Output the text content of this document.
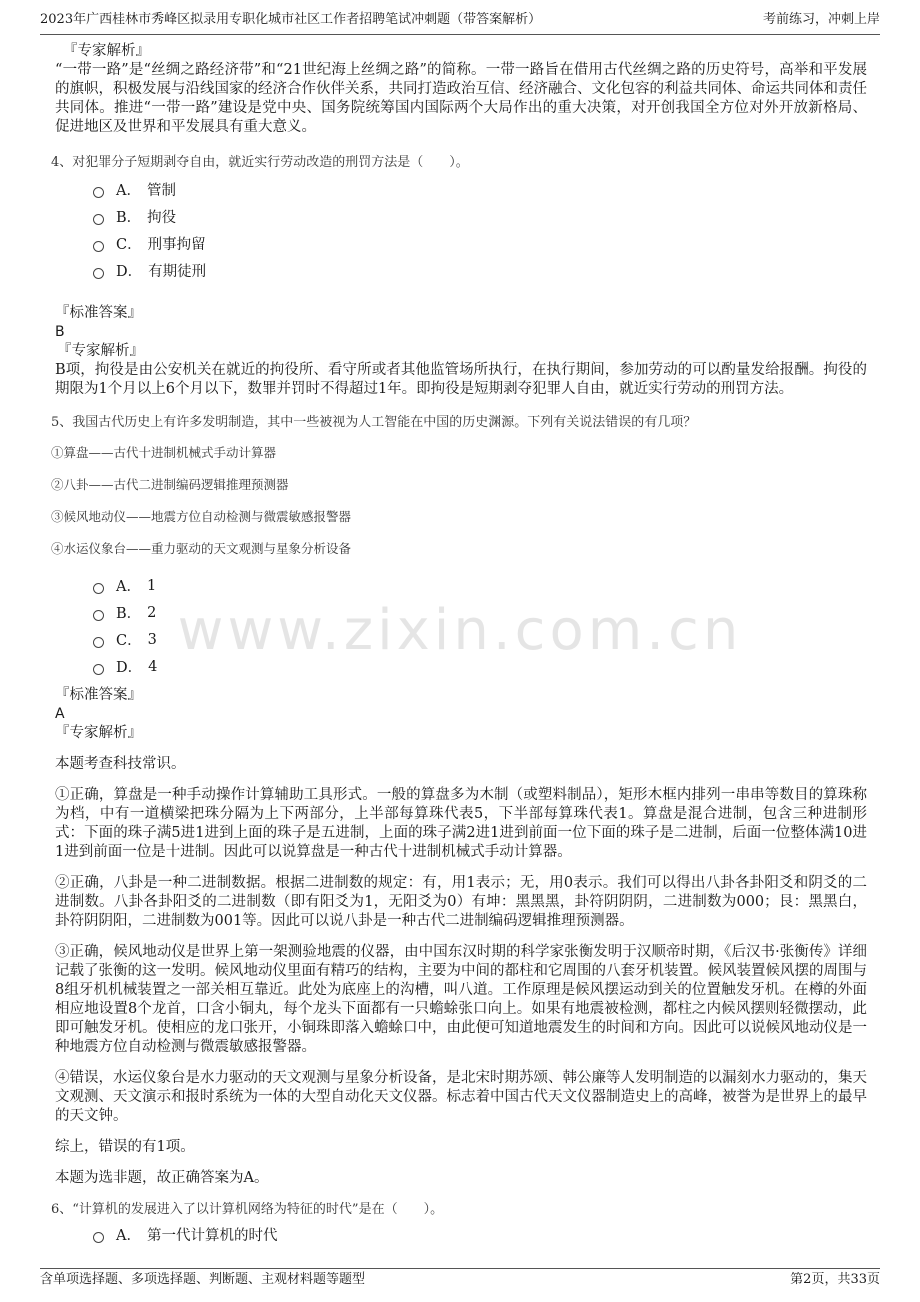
2023年广西桂林市秀峰区拟录用专职化城市社区工作者招聘笔试冲刺题（带答案解析）	考前练习，冲刺上岸
www.zixin.com.cn

『专家解析』

“一带一路”是“丝绸之路经济带”和“21世纪海上丝绸之路”的简称。一带一路旨在借用古代丝绸之路的历史符号，高举和平发展的旗帜，积极发展与沿线国家的经济合作伙伴关系，共同打造政治互信、经济融合、文化包容的利益共同体、命运共同体和责任共同体。推进“一带一路”建设是党中央、国务院统筹国内国际两个大局作出的重大决策，对开创我国全方位对外开放新格局、促进地区及世界和平发展具有重大意义。

4、对犯罪分子短期剥夺自由，就近实行劳动改造的刑罚方法是（　　）。
A． 管制
B． 拘役
C． 刑事拘留
D． 有期徒刑

『标准答案』

B

『专家解析』

B项，拘役是由公安机关在就近的拘役所、看守所或者其他监管场所执行，在执行期间，参加劳动的可以酌量发给报酬。拘役的期限为1个月以上6个月以下，数罪并罚时不得超过1年。即拘役是短期剥夺犯罪人自由，就近实行劳动的刑罚方法。

5、我国古代历史上有许多发明制造，其中一些被视为人工智能在中国的历史渊源。下列有关说法错误的有几项？
①算盘——古代十进制机械式手动计算器
②八卦——古代二进制编码逻辑推理预测器
③候风地动仪——地震方位自动检测与微震敏感报警器
④水运仪象台——重力驱动的天文观测与星象分析设备
A． 1
B． 2
C． 3
D． 4

『标准答案』

A

『专家解析』

本题考查科技常识。

①正确，算盘是一种手动操作计算辅助工具形式。一般的算盘多为木制（或塑料制品），矩形木框内排列一串串等数目的算珠称为档，中有一道横梁把珠分隔为上下两部分，上半部每算珠代表5，下半部每算珠代表1。算盘是混合进制，包含三种进制形式：下面的珠子满5进1进到上面的珠子是五进制，上面的珠子满2进1进到前面一位下面的珠子是二进制，后面一位整体满10进1进到前面一位是十进制。因此可以说算盘是一种古代十进制机械式手动计算器。

②正确，八卦是一种二进制数据。根据二进制数的规定：有，用1表示；无，用0表示。我们可以得出八卦各卦阳爻和阴爻的二进制数。八卦各卦阳爻的二进制数（即有阳爻为1，无阳爻为0）有坤：黑黑黑，卦符阴阴阴，二进制数为000；艮：黑黑白，卦符阴阴阳，二进制数为001等。因此可以说八卦是一种古代二进制编码逻辑推理预测器。

③正确，候风地动仪是世界上第一架测验地震的仪器，由中国东汉时期的科学家张衡发明于汉顺帝时期，《后汉书·张衡传》详细记载了张衡的这一发明。候风地动仪里面有精巧的结构，主要为中间的都柱和它周围的八套牙机装置。候风装置候风摆的周围与8组牙机机械装置之一部关相互靠近。此处为底座上的沟槽，叫八道。工作原理是候风摆运动到关的位置触发牙机。在樽的外面相应地设置8个龙首，口含小铜丸，每个龙头下面都有一只蟾蜍张口向上。如果有地震被检测，都柱之内候风摆则轻微摆动，此即可触发牙机。使相应的龙口张开，小铜珠即落入蟾蜍口中，由此便可知道地震发生的时间和方向。因此可以说候风地动仪是一种地震方位自动检测与微震敏感报警器。

④错误，水运仪象台是水力驱动的天文观测与星象分析设备，是北宋时期苏颂、韩公廉等人发明制造的以漏刻水力驱动的，集天文观测、天文演示和报时系统为一体的大型自动化天文仪器。标志着中国古代天文仪器制造史上的高峰，被誉为是世界上的最早的天文钟。

综上，错误的有1项。

本题为选非题，故正确答案为A。

6、“计算机的发展进入了以计算机网络为特征的时代”是在（　　）。
A． 第一代计算机的时代
含单项选择题、多项选择题、判断题、主观材料题等题型	第2页，共33页
